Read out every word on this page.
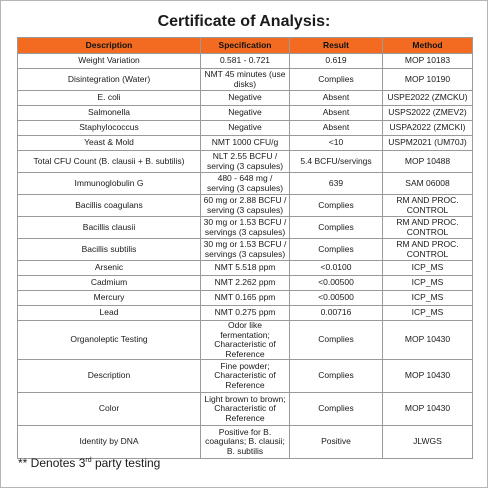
Certificate of Analysis:
Description	Specification	Result	Method
Weight Variation	0.581 - 0.721	0.619	MOP 10183
Disintegration (Water)	NMT 45 minutes (use disks)	Complies	MOP 10190
E. coli	Negative	Absent	USPE2022 (ZMCKU)
Salmonella	Negative	Absent	USPS2022 (ZMEV2)
Staphylococcus	Negative	Absent	USPA2022 (ZMCKI)
Yeast & Mold	NMT 1000 CFU/g	<10	USPM2021 (UM70J)
Total CFU Count (B. clausii + B. subtilis)	NLT 2.55 BCFU / serving (3 capsules)	5.4 BCFU/servings	MOP 10488
Immunoglobulin G	480 - 648 mg / serving (3 capsules)	639	SAM 06008
Bacillis coagulans	60 mg or 2.88 BCFU / serving (3 capsules)	Complies	RM AND PROC. CONTROL
Bacillis clausii	30 mg or 1.53 BCFU / servings (3 capsules)	Complies	RM AND PROC. CONTROL
Bacillis subtilis	30 mg or 1.53 BCFU / servings (3 capsules)	Complies	RM AND PROC. CONTROL
Arsenic	NMT 5.518 ppm	<0.0100	ICP_MS
Cadmium	NMT 2.262 ppm	<0.00500	ICP_MS
Mercury	NMT 0.165 ppm	<0.00500	ICP_MS
Lead	NMT 0.275 ppm	0.00716	ICP_MS
Organoleptic Testing	Odor like fermentation; Characteristic of Reference	Complies	MOP 10430
Description	Fine powder; Characteristic of Reference	Complies	MOP 10430
Color	Light brown to brown; Characteristic of Reference	Complies	MOP 10430
Identity by DNA	Positive for B. coagulans; B. clausii; B. subtilis	Positive	JLWGS
** Denotes 3rd party testing
